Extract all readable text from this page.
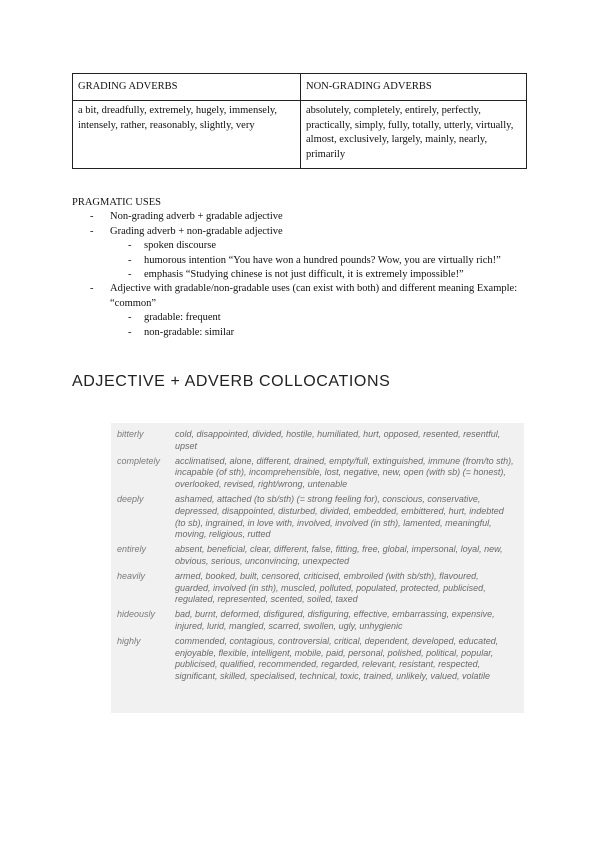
GRADING ADVERBS	NON-GRADING ADVERBS
a bit, dreadfully, extremely, hugely, immensely, intensely, rather, reasonably, slightly, very	absolutely, completely, entirely, perfectly, practically, simply, fully, totally, utterly, virtually, almost, exclusively, largely, mainly, nearly, primarily
PRAGMATIC USES
- Non-grading adverb + gradable adjective
- Grading adverb + non-gradable adjective
- spoken discourse
- humorous intention “You have won a hundred pounds? Wow, you are virtually rich!”
- emphasis “Studying chinese is not just difficult, it is extremely impossible!”
- Adjective with gradable/non-gradable uses (can exist with both) and different meaning Example: “common”
- gradable: frequent
- non-gradable: similar
ADJECTIVE + ADVERB COLLOCATIONS
bitterly	cold, disappointed, divided, hostile, humiliated, hurt, opposed, resented, resentful, upset
completely	acclimatised, alone, different, drained, empty/full, extinguished, immune (from/to sth), incapable (of sth), incomprehensible, lost, negative, new, open (with sb) (= honest), overlooked, revised, right/wrong, untenable
deeply	ashamed, attached (to sb/sth) (= strong feeling for), conscious, conservative, depressed, disappointed, disturbed, divided, embedded, embittered, hurt, indebted (to sb), ingrained, in love with, involved, involved (in sth), lamented, meaningful, moving, religious, rutted
entirely	absent, beneficial, clear, different, false, fitting, free, global, impersonal, loyal, new, obvious, serious, unconvincing, unexpected
heavily	armed, booked, built, censored, criticised, embroiled (with sb/sth), flavoured, guarded, involved (in sth), muscled, polluted, populated, protected, publicised, regulated, represented, scented, soiled, taxed
hideously	bad, burnt, deformed, disfigured, disfiguring, effective, embarrassing, expensive, injured, lurid, mangled, scarred, swollen, ugly, unhygienic
highly	commended, contagious, controversial, critical, dependent, developed, educated, enjoyable, flexible, intelligent, mobile, paid, personal, polished, political, popular, publicised, qualified, recommended, regarded, relevant, resistant, respected, significant, skilled, specialised, technical, toxic, trained, unlikely, valued, volatile
